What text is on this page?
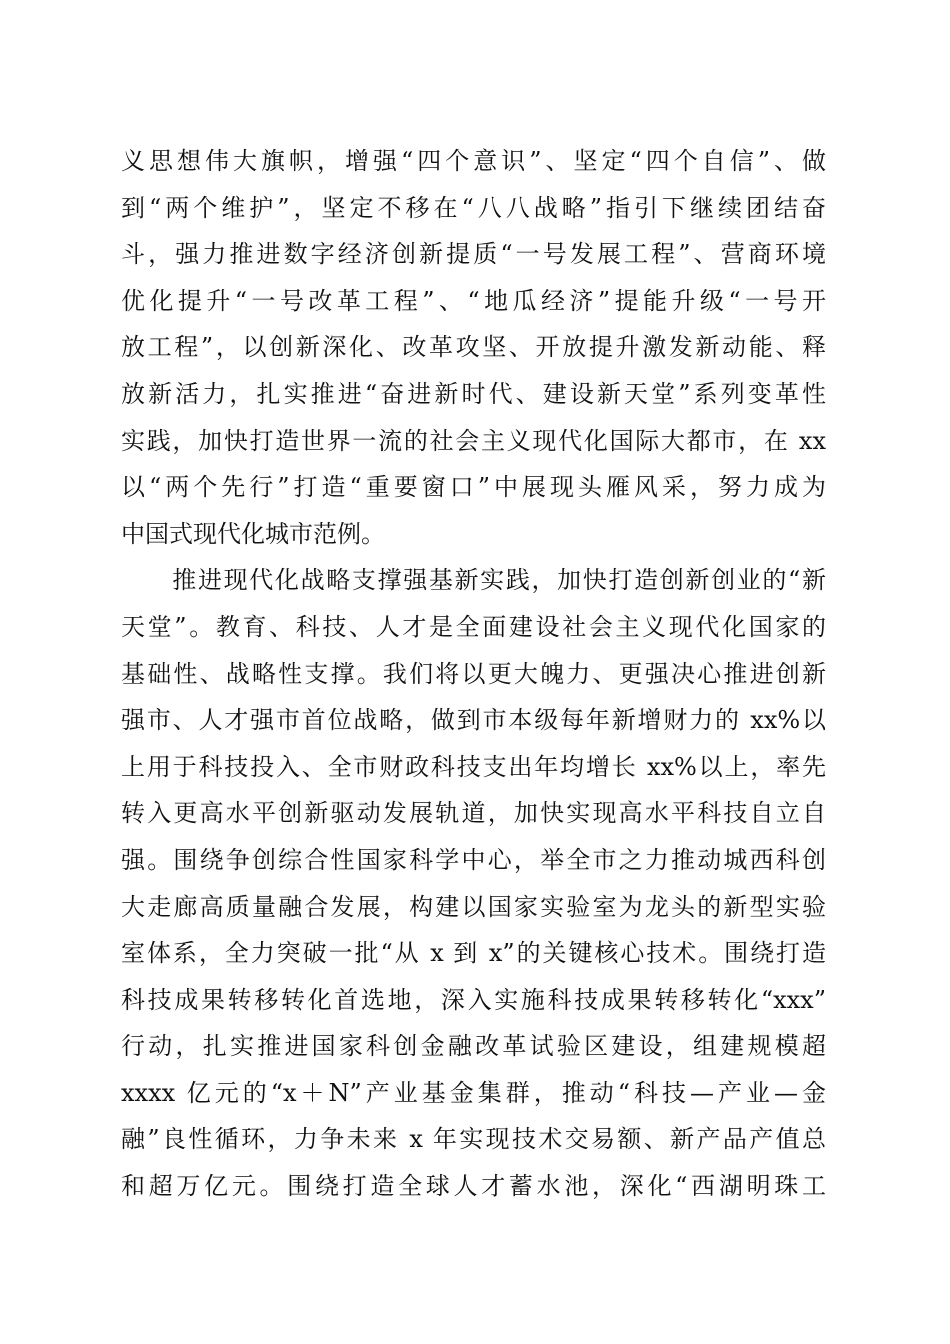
义思想伟大旗帜，增强“四个意识”、坚定“四个自信”、做
到“两个维护”，坚定不移在“八八战略”指引下继续团结奋
斗，强力推进数字经济创新提质“一号发展工程”、营商环境
优化提升“一号改革工程”、“地瓜经济”提能升级“一号开
放工程”，以创新深化、改革攻坚、开放提升激发新动能、释
放新活力，扎实推进“奋进新时代、建设新天堂”系列变革性
实践，加快打造世界一流的社会主义现代化国际大都市，在 xx
以“两个先行”打造“重要窗口”中展现头雁风采，努力成为
中国式现代化城市范例。
　　推进现代化战略支撑强基新实践，加快打造创新创业的“新
天堂”。教育、科技、人才是全面建设社会主义现代化国家的
基础性、战略性支撑。我们将以更大魄力、更强决心推进创新
强市、人才强市首位战略，做到市本级每年新增财力的 xx%以
上用于科技投入、全市财政科技支出年均增长 xx%以上，率先
转入更高水平创新驱动发展轨道，加快实现高水平科技自立自
强。围绕争创综合性国家科学中心，举全市之力推动城西科创
大走廊高质量融合发展，构建以国家实验室为龙头的新型实验
室体系，全力突破一批“从 x 到 x”的关键核心技术。围绕打造
科技成果转移转化首选地，深入实施科技成果转移转化“xxx”
行动，扎实推进国家科创金融改革试验区建设，组建规模超
xxxx 亿元的“x＋N”产业基金集群，推动“科技—产业—金
融”良性循环，力争未来 x 年实现技术交易额、新产品产值总
和超万亿元。围绕打造全球人才蓄水池，深化“西湖明珠工
